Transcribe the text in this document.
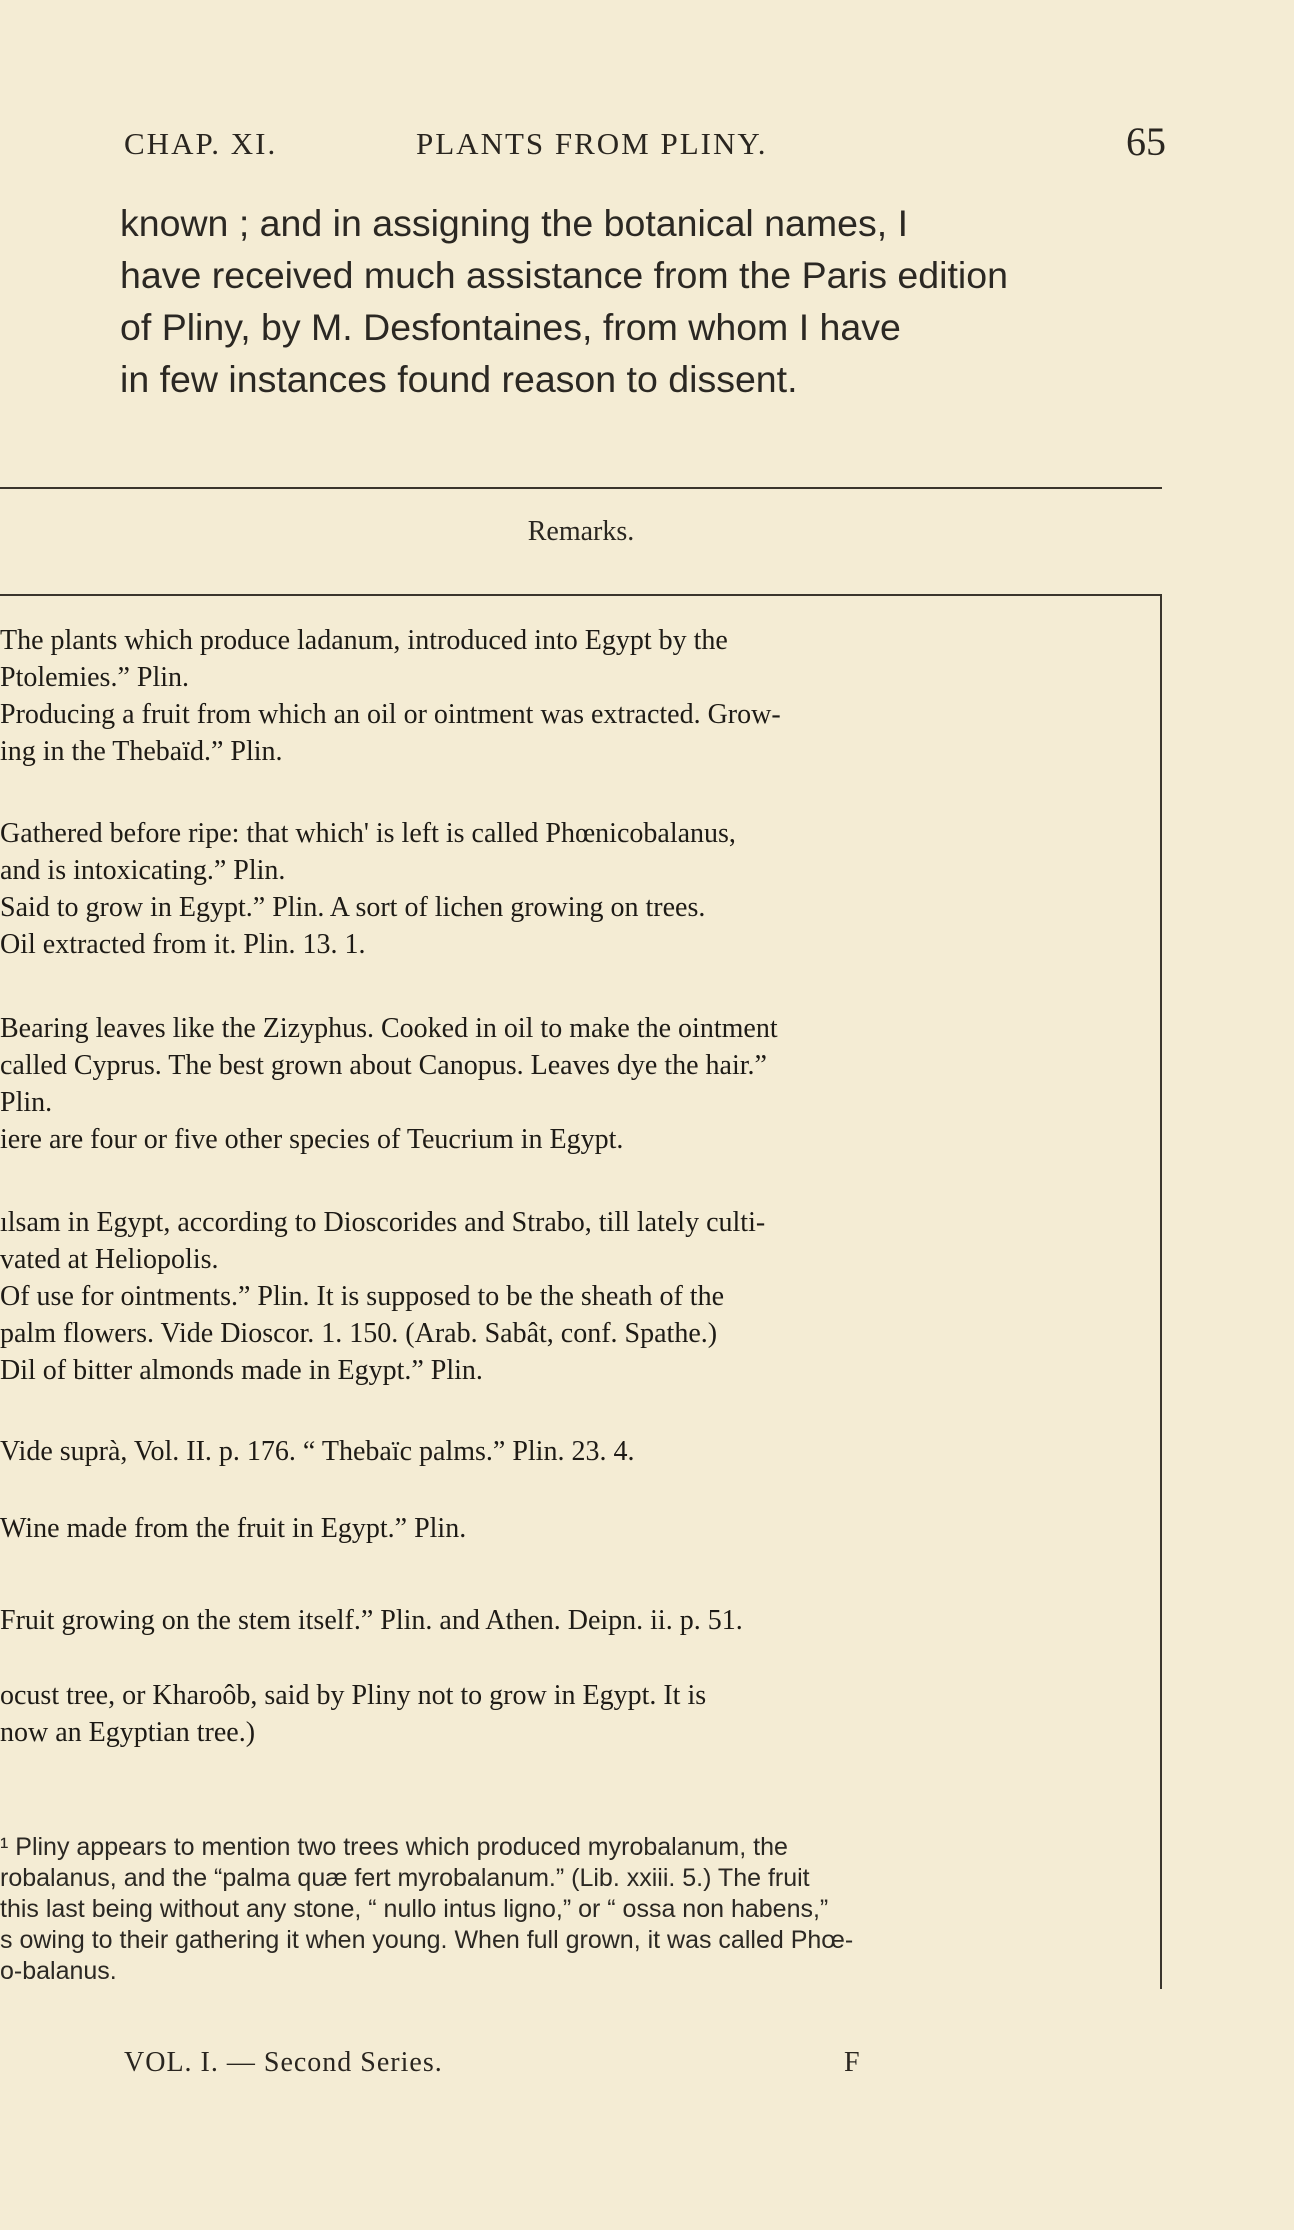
CHAP. XI.	PLANTS FROM PLINY.	65

known ; and in assigning the botanical names, I
have received much assistance from the Paris edition
of Pliny, by M. Desfontaines, from whom I have
in few instances found reason to dissent.

Remarks.
The plants which produce ladanum, introduced into Egypt by the
Ptolemies.” Plin.
Producing a fruit from which an oil or ointment was extracted. Grow-
ing in the Thebaïd.” Plin.
Gathered before ripe: that which' is left is called Phœnicobalanus,
and is intoxicating.” Plin.
Said to grow in Egypt.” Plin. A sort of lichen growing on trees.
Oil extracted from it. Plin. 13. 1.
Bearing leaves like the Zizyphus. Cooked in oil to make the ointment
called Cyprus. The best grown about Canopus. Leaves dye the hair.”
Plin.
iere are four or five other species of Teucrium in Egypt.
ılsam in Egypt, according to Dioscorides and Strabo, till lately culti-
vated at Heliopolis.
Of use for ointments.” Plin. It is supposed to be the sheath of the
palm flowers. Vide Dioscor. 1. 150. (Arab. Sabât, conf. Spathe.)
Dil of bitter almonds made in Egypt.” Plin.
Vide suprà, Vol. II. p. 176. “ Thebaïc palms.” Plin. 23. 4.
Wine made from the fruit in Egypt.” Plin.
Fruit growing on the stem itself.” Plin. and Athen. Deipn. ii. p. 51.
ocust tree, or Kharoôb, said by Pliny not to grow in Egypt. It is
now an Egyptian tree.)
¹ Pliny appears to mention two trees which produced myrobalanum, the
robalanus, and the “palma quæ fert myrobalanum.” (Lib. xxiii. 5.) The fruit
this last being without any stone, “ nullo intus ligno,” or “ ossa non habens,”
s owing to their gathering it when young. When full grown, it was called Phœ-
o-balanus.
VOL. I. — Second Series.	F
